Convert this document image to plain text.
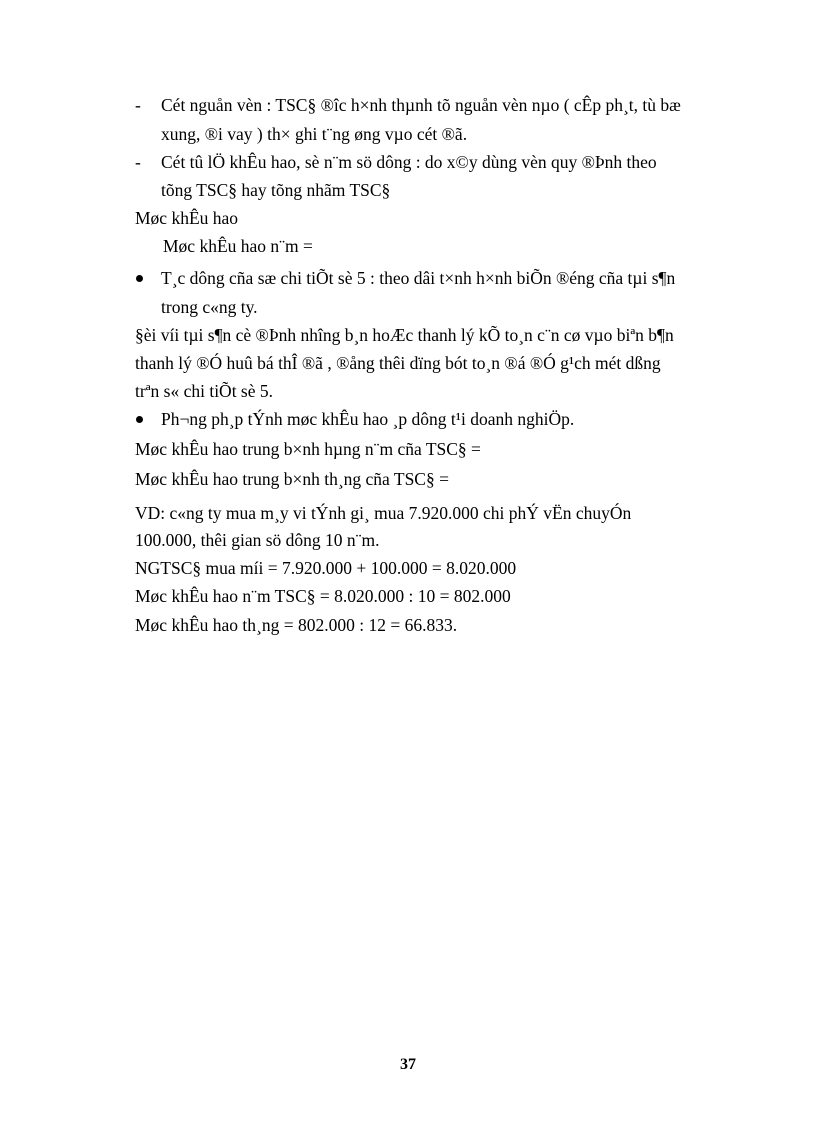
- Cét nguån vèn : TSC§ ®îc h×nh thµnh tõ nguån vèn nµo ( cÊp ph¸t, tù bæ
xung, ®i vay ) th× ghi t¨ng øng vµo cét ®ã.
- Cét tû lÖ khÊu hao, sè n¨m sö dông : do x©y dùng vèn quy ®Þnh theo
tõng TSC§ hay tõng nhãm TSC§
Møc khÊu hao
Møc khÊu hao n¨m =
T¸c dông cña sæ chi tiÕt sè 5 : theo dâi t×nh h×nh biÕn ®éng cña tµi s¶n
trong c«ng ty.
§èi víi tµi s¶n cè ®Þnh nhîng b¸n hoÆc thanh lý kÕ to¸n c¨n cø vµo biªn b¶n
thanh lý ®Ó huû bá thÎ ®ã , ®ång thêi dïng bót to¸n ®á ®Ó g¹ch mét dßng
trªn s« chi tiÕt sè 5.
Ph¬ng ph¸p tÝnh møc khÊu hao ¸p dông t¹i doanh nghiÖp.
Møc khÊu hao trung b×nh hµng n¨m cña TSC§ =
Møc khÊu hao trung b×nh th¸ng cña TSC§ =
VD: c«ng ty mua m¸y vi tÝnh gi¸ mua 7.920.000 chi phÝ vËn chuyÓn
100.000, thêi gian sö dông 10 n¨m.
NGTSC§ mua míi = 7.920.000 + 100.000 = 8.020.000
Møc khÊu hao n¨m TSC§ = 8.020.000 : 10 = 802.000
Møc khÊu hao th¸ng = 802.000 : 12 = 66.833.
37
